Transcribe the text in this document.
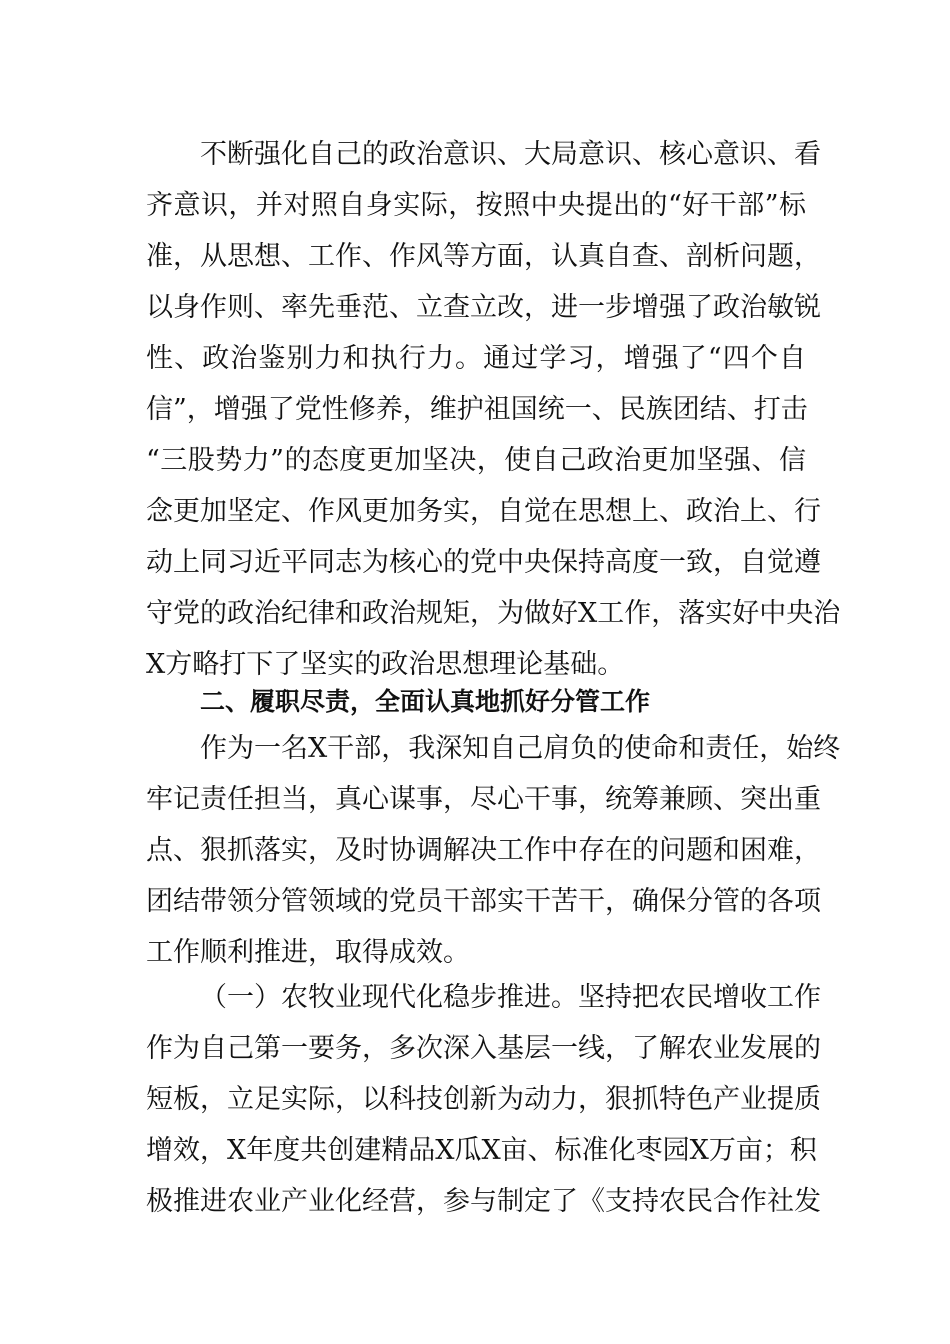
不断强化自己的政治意识、大局意识、核心意识、看
齐意识，并对照自身实际，按照中央提出的“好干部”标
准，从思想、工作、作风等方面，认真自查、剖析问题，
以身作则、率先垂范、立查立改，进一步增强了政治敏锐
性、政治鉴别力和执行力。通过学习，增强了“四个自
信”，增强了党性修养，维护祖国统一、民族团结、打击
“三股势力”的态度更加坚决，使自己政治更加坚强、信
念更加坚定、作风更加务实，自觉在思想上、政治上、行
动上同习近平同志为核心的党中央保持高度一致，自觉遵
守党的政治纪律和政治规矩，为做好X工作，落实好中央治
X方略打下了坚实的政治思想理论基础。
二、履职尽责，全面认真地抓好分管工作
作为一名X干部，我深知自己肩负的使命和责任，始终
牢记责任担当，真心谋事，尽心干事，统筹兼顾、突出重
点、狠抓落实，及时协调解决工作中存在的问题和困难，
团结带领分管领域的党员干部实干苦干，确保分管的各项
工作顺利推进，取得成效。
（一）农牧业现代化稳步推进。坚持把农民增收工作
作为自己第一要务，多次深入基层一线，了解农业发展的
短板，立足实际，以科技创新为动力，狠抓特色产业提质
增效，X年度共创建精品X瓜X亩、标准化枣园X万亩；积
极推进农业产业化经营，参与制定了《支持农民合作社发
